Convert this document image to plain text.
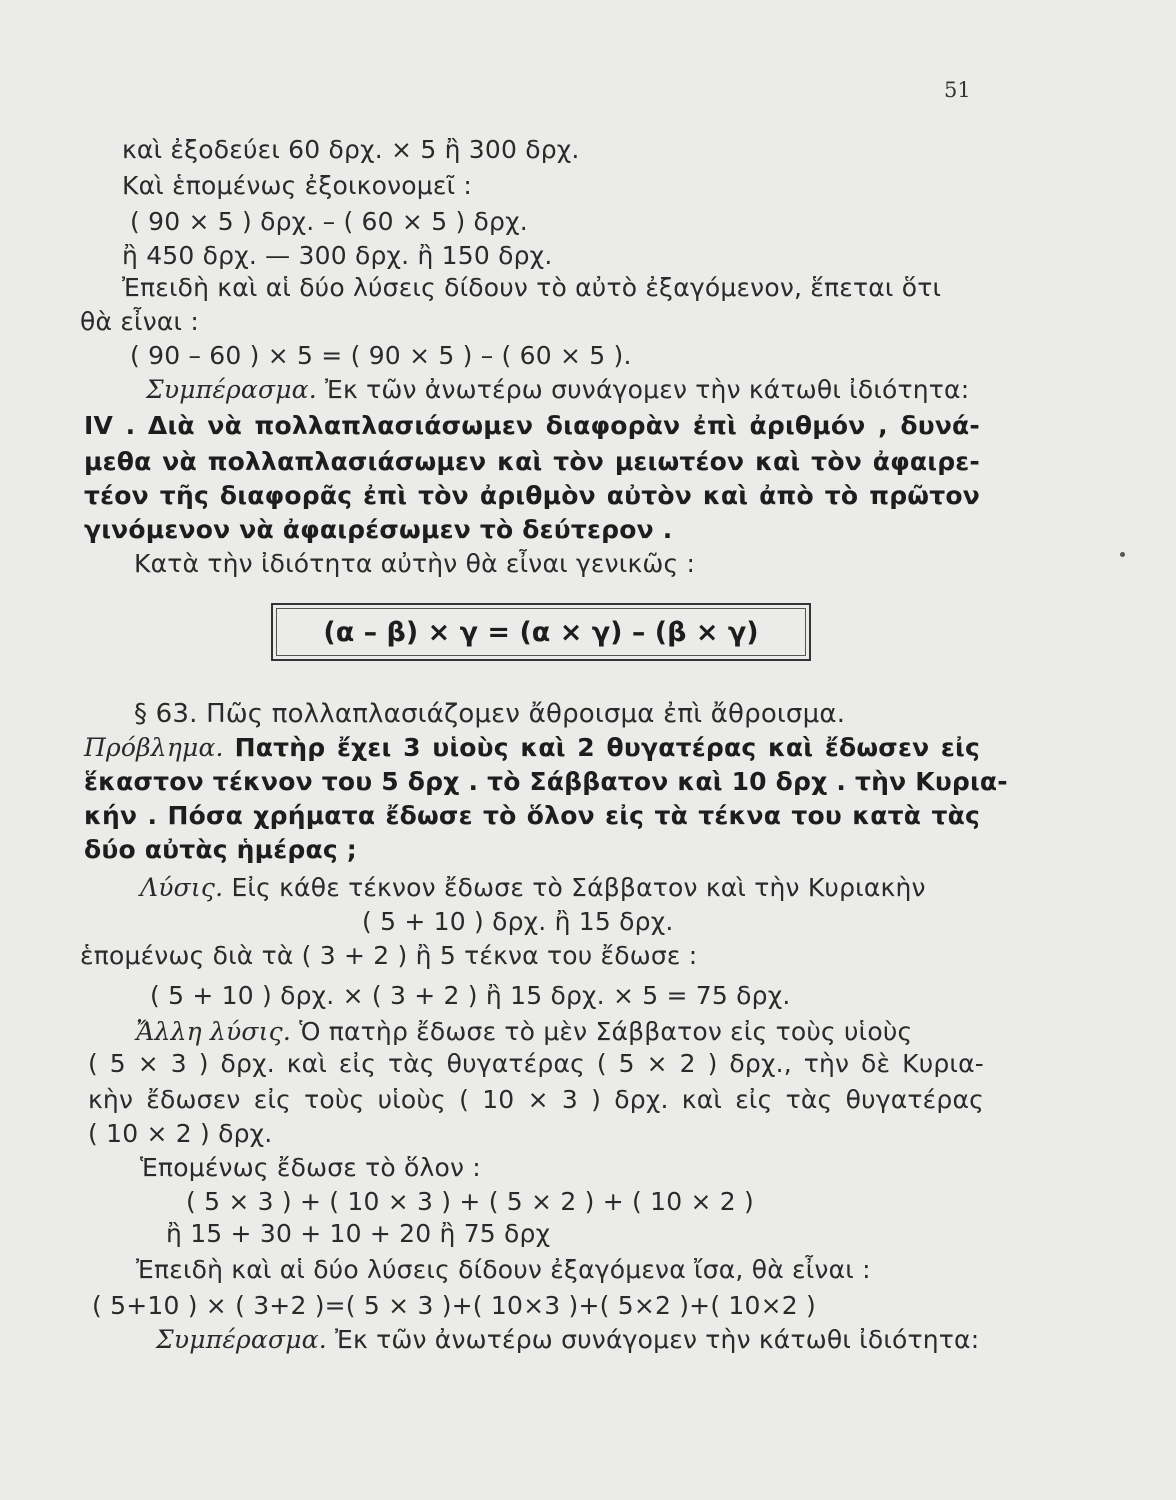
51
καὶ ἐξοδεύει 60 δρχ. × 5 ἢ 300 δρχ.
Καὶ ἑπομένως ἐξοικονομεῖ :
( 90 × 5 ) δρχ. – ( 60 × 5 ) δρχ.
ἢ 450 δρχ. — 300 δρχ. ἢ 150 δρχ.
Ἐπειδὴ καὶ αἱ δύο λύσεις δίδουν τὸ αὐτὸ ἐξαγόμενον, ἕπεται ὅτι
θὰ εἶναι :
( 90 – 60 ) × 5 = ( 90 × 5 ) – ( 60 × 5 ).
Συμπέρασμα. Ἐκ τῶν ἀνωτέρω συνάγομεν τὴν κάτωθι ἰδιότητα:
IV . Διὰ νὰ πολλαπλασιάσωμεν διαφορὰν ἐπὶ ἀριθμόν , δυνά-
μεθα νὰ πολλαπλασιάσωμεν καὶ τὸν μειωτέον καὶ τὸν ἀφαιρε-
τέον τῆς διαφορᾶς ἐπὶ τὸν ἀριθμὸν αὐτὸν καὶ ἀπὸ τὸ πρῶτον
γινόμενον νὰ ἀφαιρέσωμεν τὸ δεύτερον .
Κατὰ τὴν ἰδιότητα αὐτὴν θὰ εἶναι γενικῶς :
(α – β) × γ = (α × γ) – (β × γ)
§ 63. Πῶς πολλαπλασιάζομεν ἄθροισμα ἐπὶ ἄθροισμα.
Πρόβλημα. Πατὴρ ἔχει 3 υἱοὺς καὶ 2 θυγατέρας καὶ ἔδωσεν εἰς
ἕκαστον τέκνον του 5 δρχ . τὸ Σάββατον καὶ 10 δρχ . τὴν Κυρια-
κήν . Πόσα χρήματα ἔδωσε τὸ ὅλον εἰς τὰ τέκνα του κατὰ τὰς
δύο αὐτὰς ἡμέρας ;
Λύσις. Εἰς κάθε τέκνον ἔδωσε τὸ Σάββατον καὶ τὴν Κυριακὴν
( 5 + 10 ) δρχ. ἢ 15 δρχ.
ἑπομένως διὰ τὰ ( 3 + 2 ) ἢ 5 τέκνα του ἔδωσε :
( 5 + 10 ) δρχ. × ( 3 + 2 ) ἢ 15 δρχ. × 5 = 75 δρχ.
Ἄλλη λύσις. Ὁ πατὴρ ἔδωσε τὸ μὲν Σάββατον εἰς τοὺς υἱοὺς
( 5 × 3 ) δρχ. καὶ εἰς τὰς θυγατέρας ( 5 × 2 ) δρχ., τὴν δὲ Κυρια-
κὴν ἔδωσεν εἰς τοὺς υἱοὺς ( 10 × 3 ) δρχ. καὶ εἰς τὰς θυγατέρας
( 10 × 2 ) δρχ.
Ἑπομένως ἔδωσε τὸ ὅλον :
( 5 × 3 ) + ( 10 × 3 ) + ( 5 × 2 ) + ( 10 × 2 )
ἢ 15 + 30 + 10 + 20 ἢ 75 δρχ
Ἐπειδὴ καὶ αἱ δύο λύσεις δίδουν ἐξαγόμενα ἴσα, θὰ εἶναι :
( 5+10 ) × ( 3+2 )=( 5 × 3 )+( 10×3 )+( 5×2 )+( 10×2 )
Συμπέρασμα. Ἐκ τῶν ἀνωτέρω συνάγομεν τὴν κάτωθι ἰδιότητα:
